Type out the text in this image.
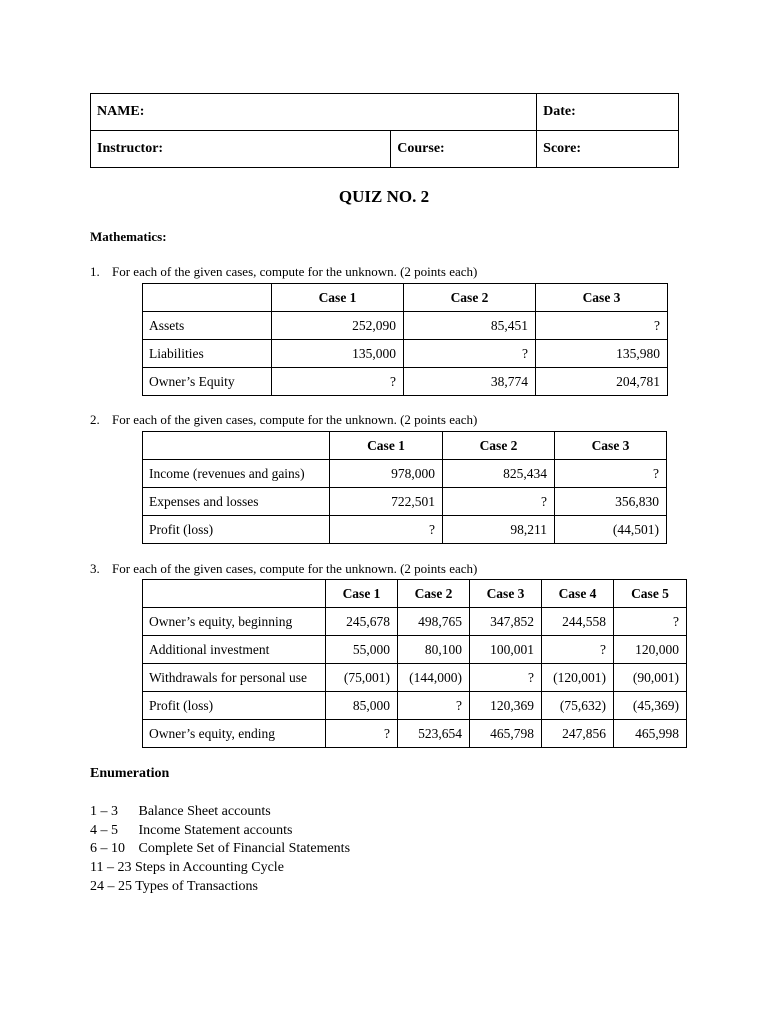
NAME:		Date:
Instructor:	Course:	Score:
QUIZ NO. 2
Mathematics:
1. For each of the given cases, compute for the unknown. (2 points each)
	Case 1	Case 2	Case 3
Assets	252,090	85,451	?
Liabilities	135,000	?	135,980
Owner’s Equity	?	38,774	204,781
2. For each of the given cases, compute for the unknown. (2 points each)
	Case 1	Case 2	Case 3
Income (revenues and gains)	978,000	825,434	?
Expenses and losses	722,501	?	356,830
Profit (loss)	?	98,211	(44,501)
3. For each of the given cases, compute for the unknown. (2 points each)
	Case 1	Case 2	Case 3	Case 4	Case 5
Owner’s equity, beginning	245,678	498,765	347,852	244,558	?
Additional investment	55,000	80,100	100,001	?	120,000
Withdrawals for personal use	(75,001)	(144,000)	?	(120,001)	(90,001)
Profit (loss)	85,000	?	120,369	(75,632)	(45,369)
Owner’s equity, ending	?	523,654	465,798	247,856	465,998
Enumeration
1 – 3 Balance Sheet accounts
4 – 5 Income Statement accounts
6 – 10 Complete Set of Financial Statements
11 – 23 Steps in Accounting Cycle
24 – 25 Types of Transactions
